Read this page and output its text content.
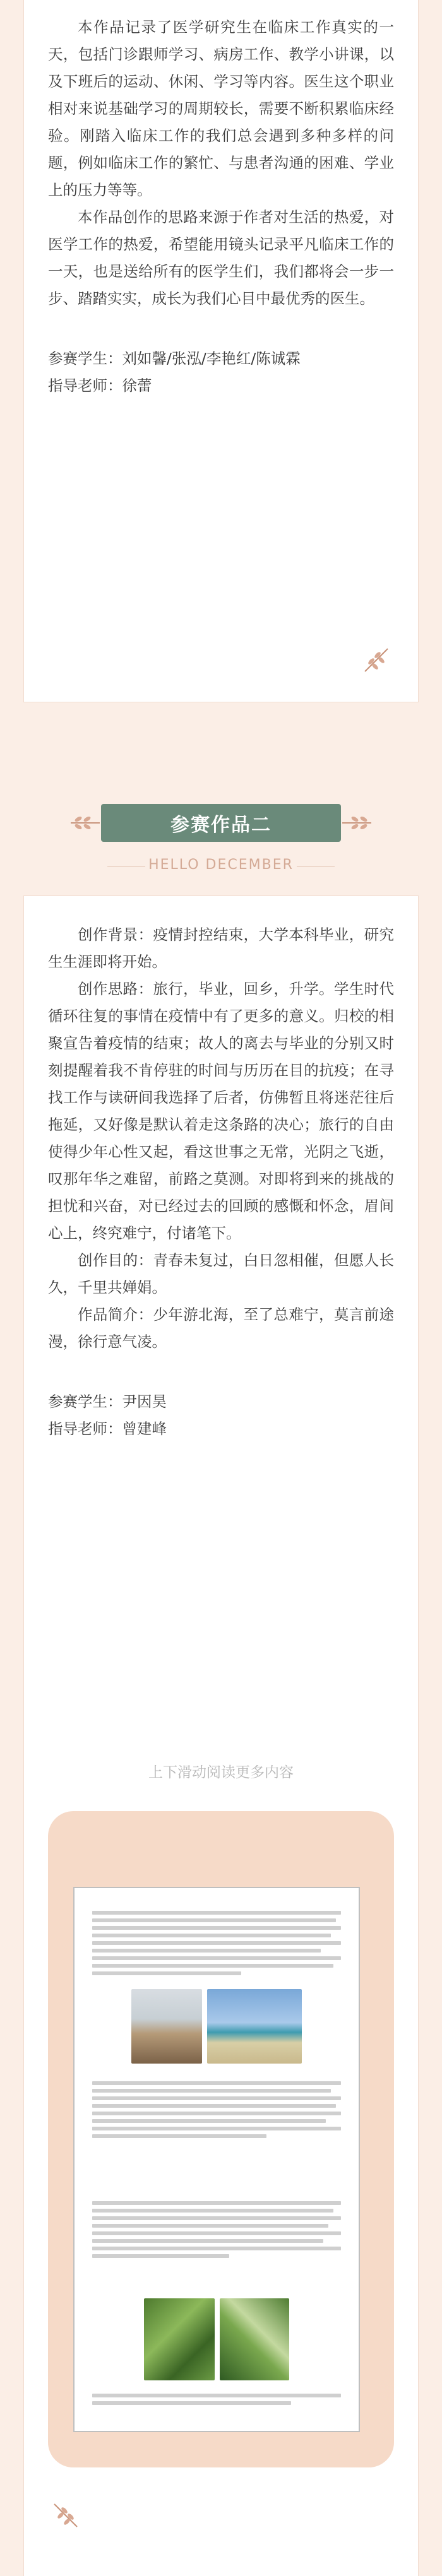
本作品记录了医学研究生在临床工作真实的一天，包括门诊跟师学习、病房工作、教学小讲课，以及下班后的运动、休闲、学习等内容。医生这个职业相对来说基础学习的周期较长，需要不断积累临床经验。刚踏入临床工作的我们总会遇到多种多样的问题，例如临床工作的繁忙、与患者沟通的困难、学业上的压力等等。

本作品创作的思路来源于作者对生活的热爱，对医学工作的热爱，希望能用镜头记录平凡临床工作的一天，也是送给所有的医学生们，我们都将会一步一步、踏踏实实，成长为我们心目中最优秀的医生。

参赛学生：刘如馨/张泓/李艳红/陈诚霖
指导老师：徐蕾
参赛作品二
HELLO DECEMBER

创作背景：疫情封控结束，大学本科毕业，研究生生涯即将开始。

创作思路：旅行，毕业，回乡，升学。学生时代循环往复的事情在疫情中有了更多的意义。归校的相聚宣告着疫情的结束；故人的离去与毕业的分别又时刻提醒着我不肯停驻的时间与历历在目的抗疫；在寻找工作与读研间我选择了后者，仿佛暂且将迷茫往后拖延，又好像是默认着走这条路的决心；旅行的自由使得少年心性又起，看这世事之无常，光阴之飞逝，叹那年华之难留，前路之莫测。对即将到来的挑战的担忧和兴奋，对已经过去的回顾的感慨和怀念，眉间心上，终究难宁，付诸笔下。

创作目的：青春未复过，白日忽相催，但愿人长久，千里共婵娟。

作品简介：少年游北海，至了总难宁，莫言前途漫，徐行意气凌。

参赛学生：尹因昊
指导老师：曾建峰
上下滑动阅读更多内容
